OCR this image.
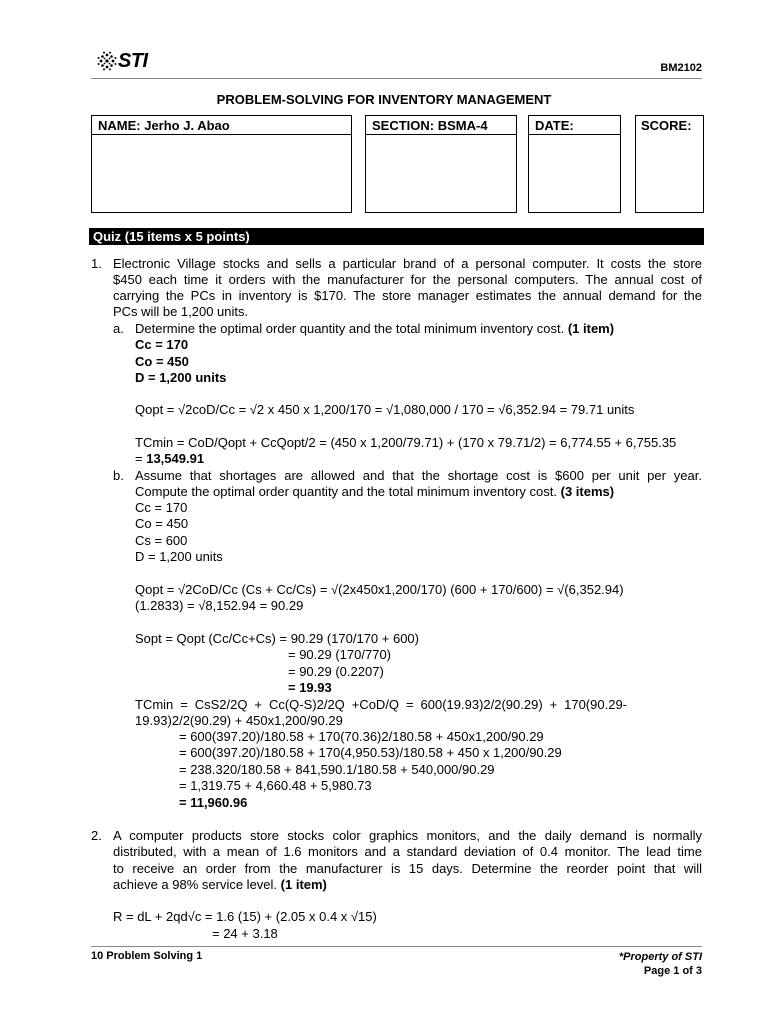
STI	BM2102
PROBLEM-SOLVING FOR INVENTORY MANAGEMENT
NAME: Jerho J. Abao	SECTION: BSMA-4	DATE:	SCORE:
Quiz (15 items x 5 points)
1. Electronic Village stocks and sells a particular brand of a personal computer. It costs the store
$450 each time it orders with the manufacturer for the personal computers. The annual cost of
carrying the PCs in inventory is $170. The store manager estimates the annual demand for the
PCs will be 1,200 units.
a. Determine the optimal order quantity and the total minimum inventory cost. (1 item)
Cc = 170
Co = 450
D = 1,200 units
Qopt = √2coD/Cc = √2 x 450 x 1,200/170 = √1,080,000 / 170 = √6,352.94 = 79.71 units
TCmin = CoD/Qopt + CcQopt/2 = (450 x 1,200/79.71) + (170 x 79.71/2) = 6,774.55 + 6,755.35
= 13,549.91
b. Assume that shortages are allowed and that the shortage cost is $600 per unit per year.
Compute the optimal order quantity and the total minimum inventory cost. (3 items)
Cc = 170
Co = 450
Cs = 600
D = 1,200 units
Qopt = √2CoD/Cc (Cs + Cc/Cs) = √(2x450x1,200/170) (600 + 170/600) = √(6,352.94)
(1.2833) = √8,152.94 = 90.29
Sopt = Qopt (Cc/Cc+Cs) = 90.29 (170/170 + 600)
= 90.29 (170/770)
= 90.29 (0.2207)
= 19.93
TCmin = CsS2/2Q + Cc(Q-S)2/2Q +CoD/Q = 600(19.93)2/2(90.29) + 170(90.29-
19.93)2/2(90.29) + 450x1,200/90.29
= 600(397.20)/180.58 + 170(70.36)2/180.58 + 450x1,200/90.29
= 600(397.20)/180.58 + 170(4,950.53)/180.58 + 450 x 1,200/90.29
= 238.320/180.58 + 841,590.1/180.58 + 540,000/90.29
= 1,319.75 + 4,660.48 + 5,980.73
= 11,960.96
2. A computer products store stocks color graphics monitors, and the daily demand is normally
distributed, with a mean of 1.6 monitors and a standard deviation of 0.4 monitor. The lead time
to receive an order from the manufacturer is 15 days. Determine the reorder point that will
achieve a 98% service level. (1 item)
R = dL + 2qd√c = 1.6 (15) + (2.05 x 0.4 x √15)
= 24 + 3.18
10 Problem Solving 1	*Property of STI
Page 1 of 3
